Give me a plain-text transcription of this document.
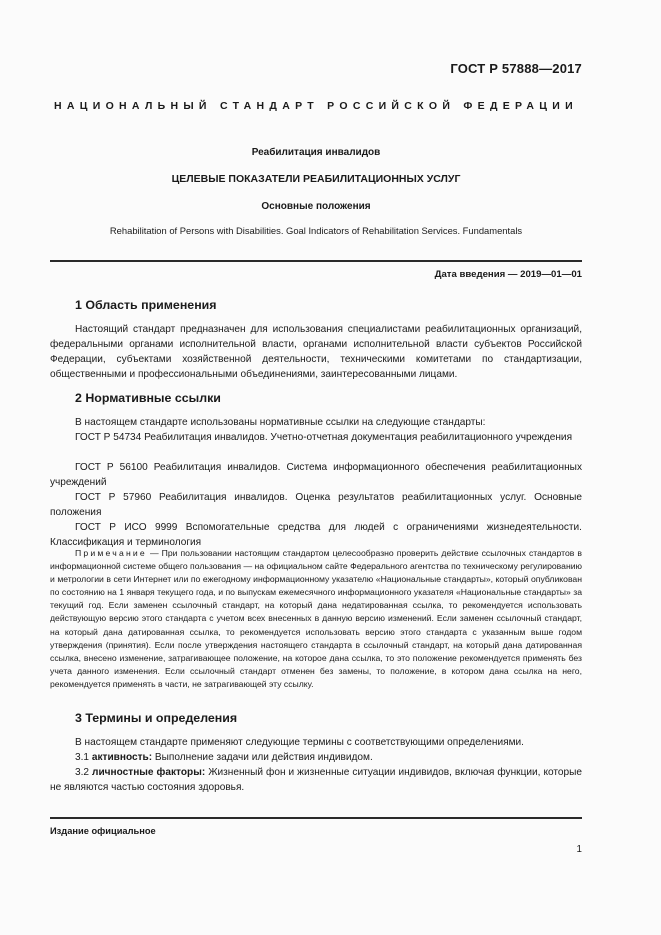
ГОСТ Р 57888—2017
НАЦИОНАЛЬНЫЙ СТАНДАРТ РОССИЙСКОЙ ФЕДЕРАЦИИ
Реабилитация инвалидов
ЦЕЛЕВЫЕ ПОКАЗАТЕЛИ РЕАБИЛИТАЦИОННЫХ УСЛУГ
Основные положения
Rehabilitation of Persons with Disabilities. Goal Indicators of Rehabilitation Services. Fundamentals
Дата введения — 2019—01—01
1 Область применения
Настоящий стандарт предназначен для использования специалистами реабилитационных организаций, федеральными органами исполнительной власти, органами исполнительной власти субъектов Российской Федерации, субъектами хозяйственной деятельности, техническими комитетами по стандартизации, общественными и профессиональными объединениями, заинтересованными лицами.
2 Нормативные ссылки
В настоящем стандарте использованы нормативные ссылки на следующие стандарты:
ГОСТ Р 54734 Реабилитация инвалидов. Учетно-отчетная документация реабилитационного учреждения
ГОСТ Р 56100 Реабилитация инвалидов. Система информационного обеспечения реабилитационных учреждений
ГОСТ Р 57960 Реабилитация инвалидов. Оценка результатов реабилитационных услуг. Основные положения
ГОСТ Р ИСО 9999 Вспомогательные средства для людей с ограничениями жизнедеятельности. Классификация и терминология
Примечание — При пользовании настоящим стандартом целесообразно проверить действие ссылочных стандартов в информационной системе общего пользования — на официальном сайте Федерального агентства по техническому регулированию и метрологии в сети Интернет или по ежегодному информационному указателю «Национальные стандарты», который опубликован по состоянию на 1 января текущего года, и по выпускам ежемесячного информационного указателя «Национальные стандарты» за текущий год. Если заменен ссылочный стандарт, на который дана недатированная ссылка, то рекомендуется использовать действующую версию этого стандарта с учетом всех внесенных в данную версию изменений. Если заменен ссылочный стандарт, на который дана датированная ссылка, то рекомендуется использовать версию этого стандарта с указанным выше годом утверждения (принятия). Если после утверждения настоящего стандарта в ссылочный стандарт, на который дана датированная ссылка, внесено изменение, затрагивающее положение, на которое дана ссылка, то это положение рекомендуется применять без учета данного изменения. Если ссылочный стандарт отменен без замены, то положение, в котором дана ссылка на него, рекомендуется применять в части, не затрагивающей эту ссылку.
3 Термины и определения
В настоящем стандарте применяют следующие термины с соответствующими определениями.
3.1 активность: Выполнение задачи или действия индивидом.
3.2 личностные факторы: Жизненный фон и жизненные ситуации индивидов, включая функции, которые не являются частью состояния здоровья.
Издание официальное
1
